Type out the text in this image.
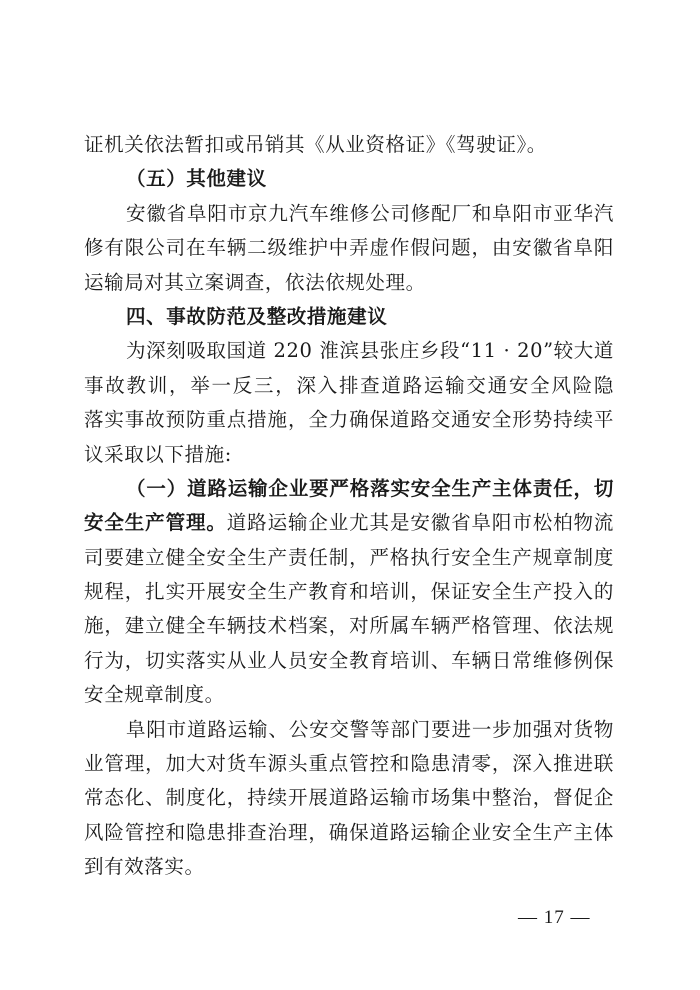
证机关依法暂扣或吊销其《从业资格证》《驾驶证》。
（五）其他建议
安徽省阜阳市京九汽车维修公司修配厂和阜阳市亚华汽
修有限公司在车辆二级维护中弄虚作假问题，由安徽省阜阳
运输局对其立案调查，依法依规处理。
四、事故防范及整改措施建议
为深刻吸取国道 220 淮滨县张庄乡段“11 · 20”较大道
事故教训，举一反三，深入排查道路运输交通安全风险隐
落实事故预防重点措施，全力确保道路交通安全形势持续平
议采取以下措施:
（一）道路运输企业要严格落实安全生产主体责任，切
安全生产管理。道路运输企业尤其是安徽省阜阳市松柏物流
司要建立健全安全生产责任制，严格执行安全生产规章制度
规程，扎实开展安全生产教育和培训，保证安全生产投入的
施，建立健全车辆技术档案，对所属车辆严格管理、依法规
行为，切实落实从业人员安全教育培训、车辆日常维修例保
安全规章制度。
阜阳市道路运输、公安交警等部门要进一步加强对货物
业管理，加大对货车源头重点管控和隐患清零，深入推进联
常态化、制度化，持续开展道路运输市场集中整治，督促企
风险管控和隐患排查治理，确保道路运输企业安全生产主体
到有效落实。
— 17 —
